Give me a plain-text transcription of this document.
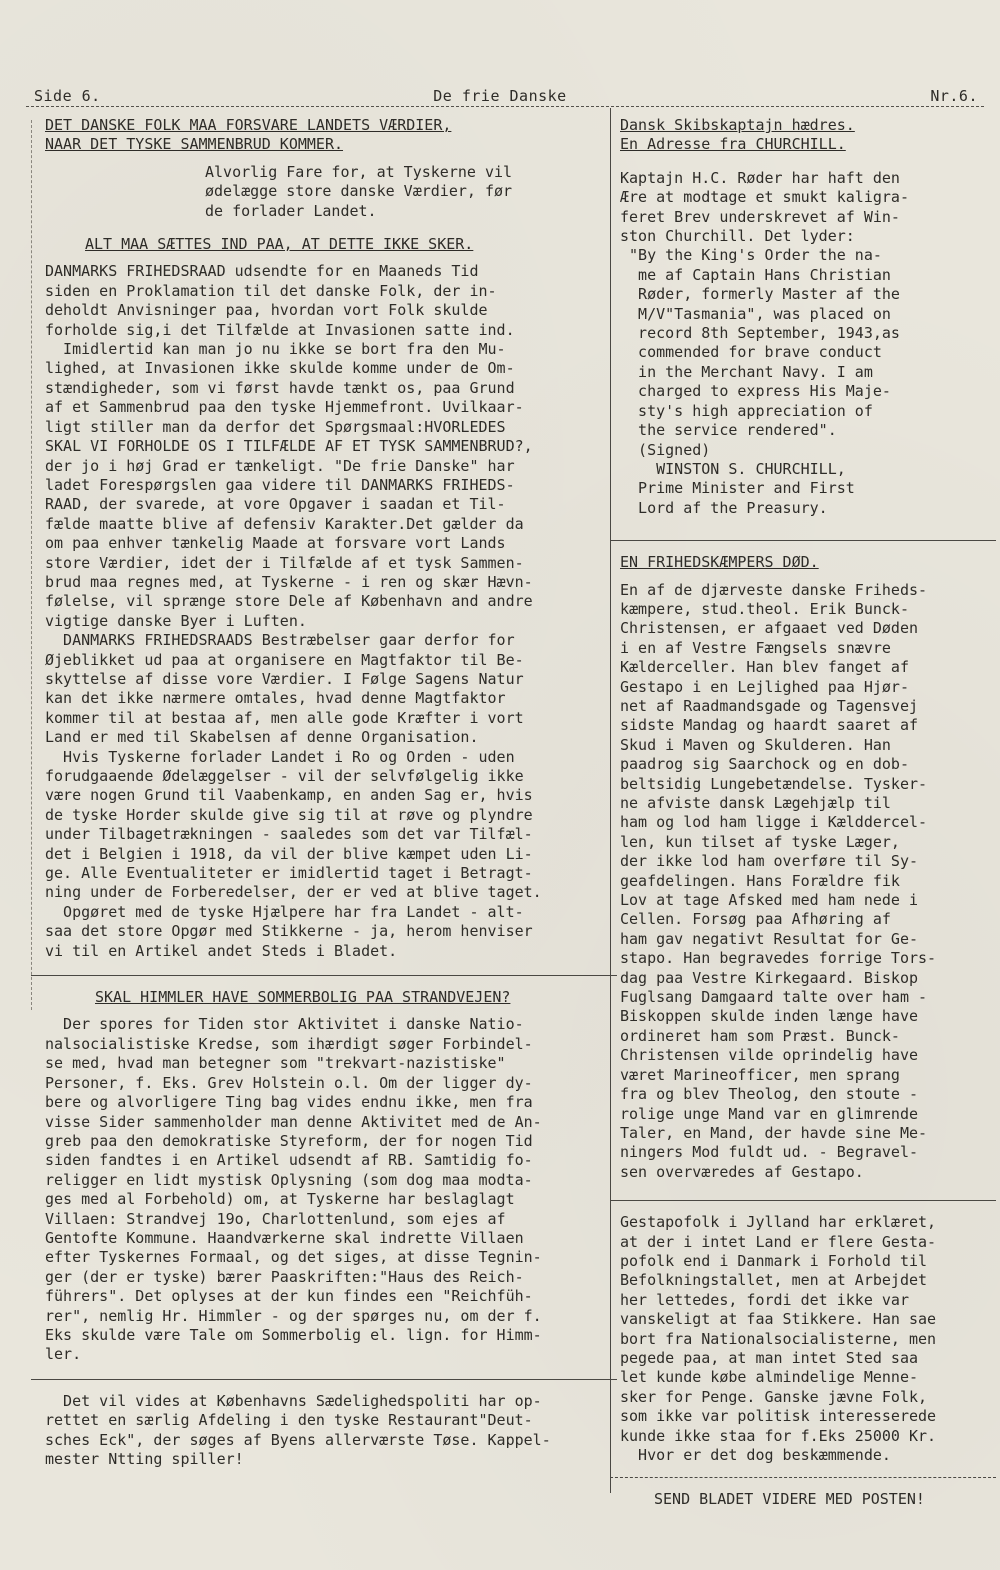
Side 6.	De frie Danske	Nr.6.

DET DANSKE FOLK MAA FORSVARE LANDETS VÆRDIER,

NAAR DET TYSKE SAMMENBRUD KOMMER.

Alvorlig Fare for, at Tyskerne vil

ødelægge store danske Værdier, før

de forlader Landet.

ALT MAA SÆTTES IND PAA, AT DETTE IKKE SKER.

DANMARKS FRIHEDSRAAD udsendte for en Maaneds Tid

siden en Proklamation til det danske Folk, der in-

deholdt Anvisninger paa, hvordan vort Folk skulde

forholde sig,i det Tilfælde at Invasionen satte ind.

Imidlertid kan man jo nu ikke se bort fra den Mu-

lighed, at Invasionen ikke skulde komme under de Om-

stændigheder, som vi først havde tænkt os, paa Grund

af et Sammenbrud paa den tyske Hjemmefront. Uvilkaar-

ligt stiller man da derfor det Spørgsmaal:HVORLEDES

SKAL VI FORHOLDE OS I TILFÆLDE AF ET TYSK SAMMENBRUD?,

der jo i høj Grad er tænkeligt. "De frie Danske" har

ladet Forespørgslen gaa videre til DANMARKS FRIHEDS-

RAAD, der svarede, at vore Opgaver i saadan et Til-

fælde maatte blive af defensiv Karakter.Det gælder da

om paa enhver tænkelig Maade at forsvare vort Lands

store Værdier, idet der i Tilfælde af et tysk Sammen-

brud maa regnes med, at Tyskerne - i ren og skær Hævn-

følelse, vil sprænge store Dele af København and andre

vigtige danske Byer i Luften.

DANMARKS FRIHEDSRAADS Bestræbelser gaar derfor for

Øjeblikket ud paa at organisere en Magtfaktor til Be-

skyttelse af disse vore Værdier. I Følge Sagens Natur

kan det ikke nærmere omtales, hvad denne Magtfaktor

kommer til at bestaa af, men alle gode Kræfter i vort

Land er med til Skabelsen af denne Organisation.

Hvis Tyskerne forlader Landet i Ro og Orden - uden

forudgaaende Ødelæggelser - vil der selvfølgelig ikke

være nogen Grund til Vaabenkamp, en anden Sag er, hvis

de tyske Horder skulde give sig til at røve og plyndre

under Tilbagetrækningen - saaledes som det var Tilfæl-

det i Belgien i 1918, da vil der blive kæmpet uden Li-

ge. Alle Eventualiteter er imidlertid taget i Betragt-

ning under de Forberedelser, der er ved at blive taget.

Opgøret med de tyske Hjælpere har fra Landet - alt-

saa det store Opgør med Stikkerne - ja, herom henviser

vi til en Artikel andet Steds i Bladet.

SKAL HIMMLER HAVE SOMMERBOLIG PAA STRANDVEJEN?

Der spores for Tiden stor Aktivitet i danske Natio-

nalsocialistiske Kredse, som ihærdigt søger Forbindel-

se med, hvad man betegner som "trekvart-nazistiske"

Personer, f. Eks. Grev Holstein o.l. Om der ligger dy-

bere og alvorligere Ting bag vides endnu ikke, men fra

visse Sider sammenholder man denne Aktivitet med de An-

greb paa den demokratiske Styreform, der for nogen Tid

siden fandtes i en Artikel udsendt af RB. Samtidig fo-

religger en lidt mystisk Oplysning (som dog maa modta-

ges med al Forbehold) om, at Tyskerne har beslaglagt

Villaen: Strandvej 19o, Charlottenlund, som ejes af

Gentofte Kommune. Haandværkerne skal indrette Villaen

efter Tyskernes Formaal, og det siges, at disse Tegnin-

ger (der er tyske) bærer Paaskriften:"Haus des Reich-

führers". Det oplyses at der kun findes een "Reichfüh-

rer", nemlig Hr. Himmler - og der spørges nu, om der f.

Eks skulde være Tale om Sommerbolig el. lign. for Himm-

ler.

Det vil vides at Københavns Sædelighedspoliti har op-

rettet en særlig Afdeling i den tyske Restaurant"Deut-

sches Eck", der søges af Byens allerværste Tøse. Kappel-

mester Ntting spiller!

Dansk Skibskaptajn hædres.

En Adresse fra CHURCHILL.

Kaptajn H.C. Røder har haft den

Ære at modtage et smukt kaligra-

feret Brev underskrevet af Win-

ston Churchill. Det lyder:

"By the King's Order the na-

me af Captain Hans Christian

Røder, formerly Master af the

M/V"Tasmania", was placed on

record 8th September, 1943,as

commended for brave conduct

in the Merchant Navy. I am

charged to express His Maje-

sty's high appreciation of

the service rendered".

(Signed)

WINSTON S. CHURCHILL,

Prime Minister and First

Lord af the Preasury.

EN FRIHEDSKÆMPERS DØD.

En af de djærveste danske Friheds-

kæmpere, stud.theol. Erik Bunck-

Christensen, er afgaaet ved Døden

i en af Vestre Fængsels snævre

Kælderceller. Han blev fanget af

Gestapo i en Lejlighed paa Hjør-

net af Raadmandsgade og Tagensvej

sidste Mandag og haardt saaret af

Skud i Maven og Skulderen. Han

paadrog sig Saarchock og en dob-

beltsidig Lungebetændelse. Tysker-

ne afviste dansk Lægehjælp til

ham og lod ham ligge i Kælddercel-

len, kun tilset af tyske Læger,

der ikke lod ham overføre til Sy-

geafdelingen. Hans Forældre fik

Lov at tage Afsked med ham nede i

Cellen. Forsøg paa Afhøring af

ham gav negativt Resultat for Ge-

stapo. Han begravedes forrige Tors-

dag paa Vestre Kirkegaard. Biskop

Fuglsang Damgaard talte over ham -

Biskoppen skulde inden længe have

ordineret ham som Præst. Bunck-

Christensen vilde oprindelig have

været Marineofficer, men sprang

fra og blev Theolog, den stoute -

rolige unge Mand var en glimrende

Taler, en Mand, der havde sine Me-

ningers Mod fuldt ud. - Begravel-

sen overværedes af Gestapo.

Gestapofolk i Jylland har erklæret,

at der i intet Land er flere Gesta-

pofolk end i Danmark i Forhold til

Befolkningstallet, men at Arbejdet

her lettedes, fordi det ikke var

vanskeligt at faa Stikkere. Han sae

bort fra Nationalsocialisterne, men

pegede paa, at man intet Sted saa

let kunde købe almindelige Menne-

sker for Penge. Ganske jævne Folk,

som ikke var politisk interesserede

kunde ikke staa for f.Eks 25000 Kr.

Hvor er det dog beskæmmende.

SEND BLADET VIDERE MED POSTEN!
